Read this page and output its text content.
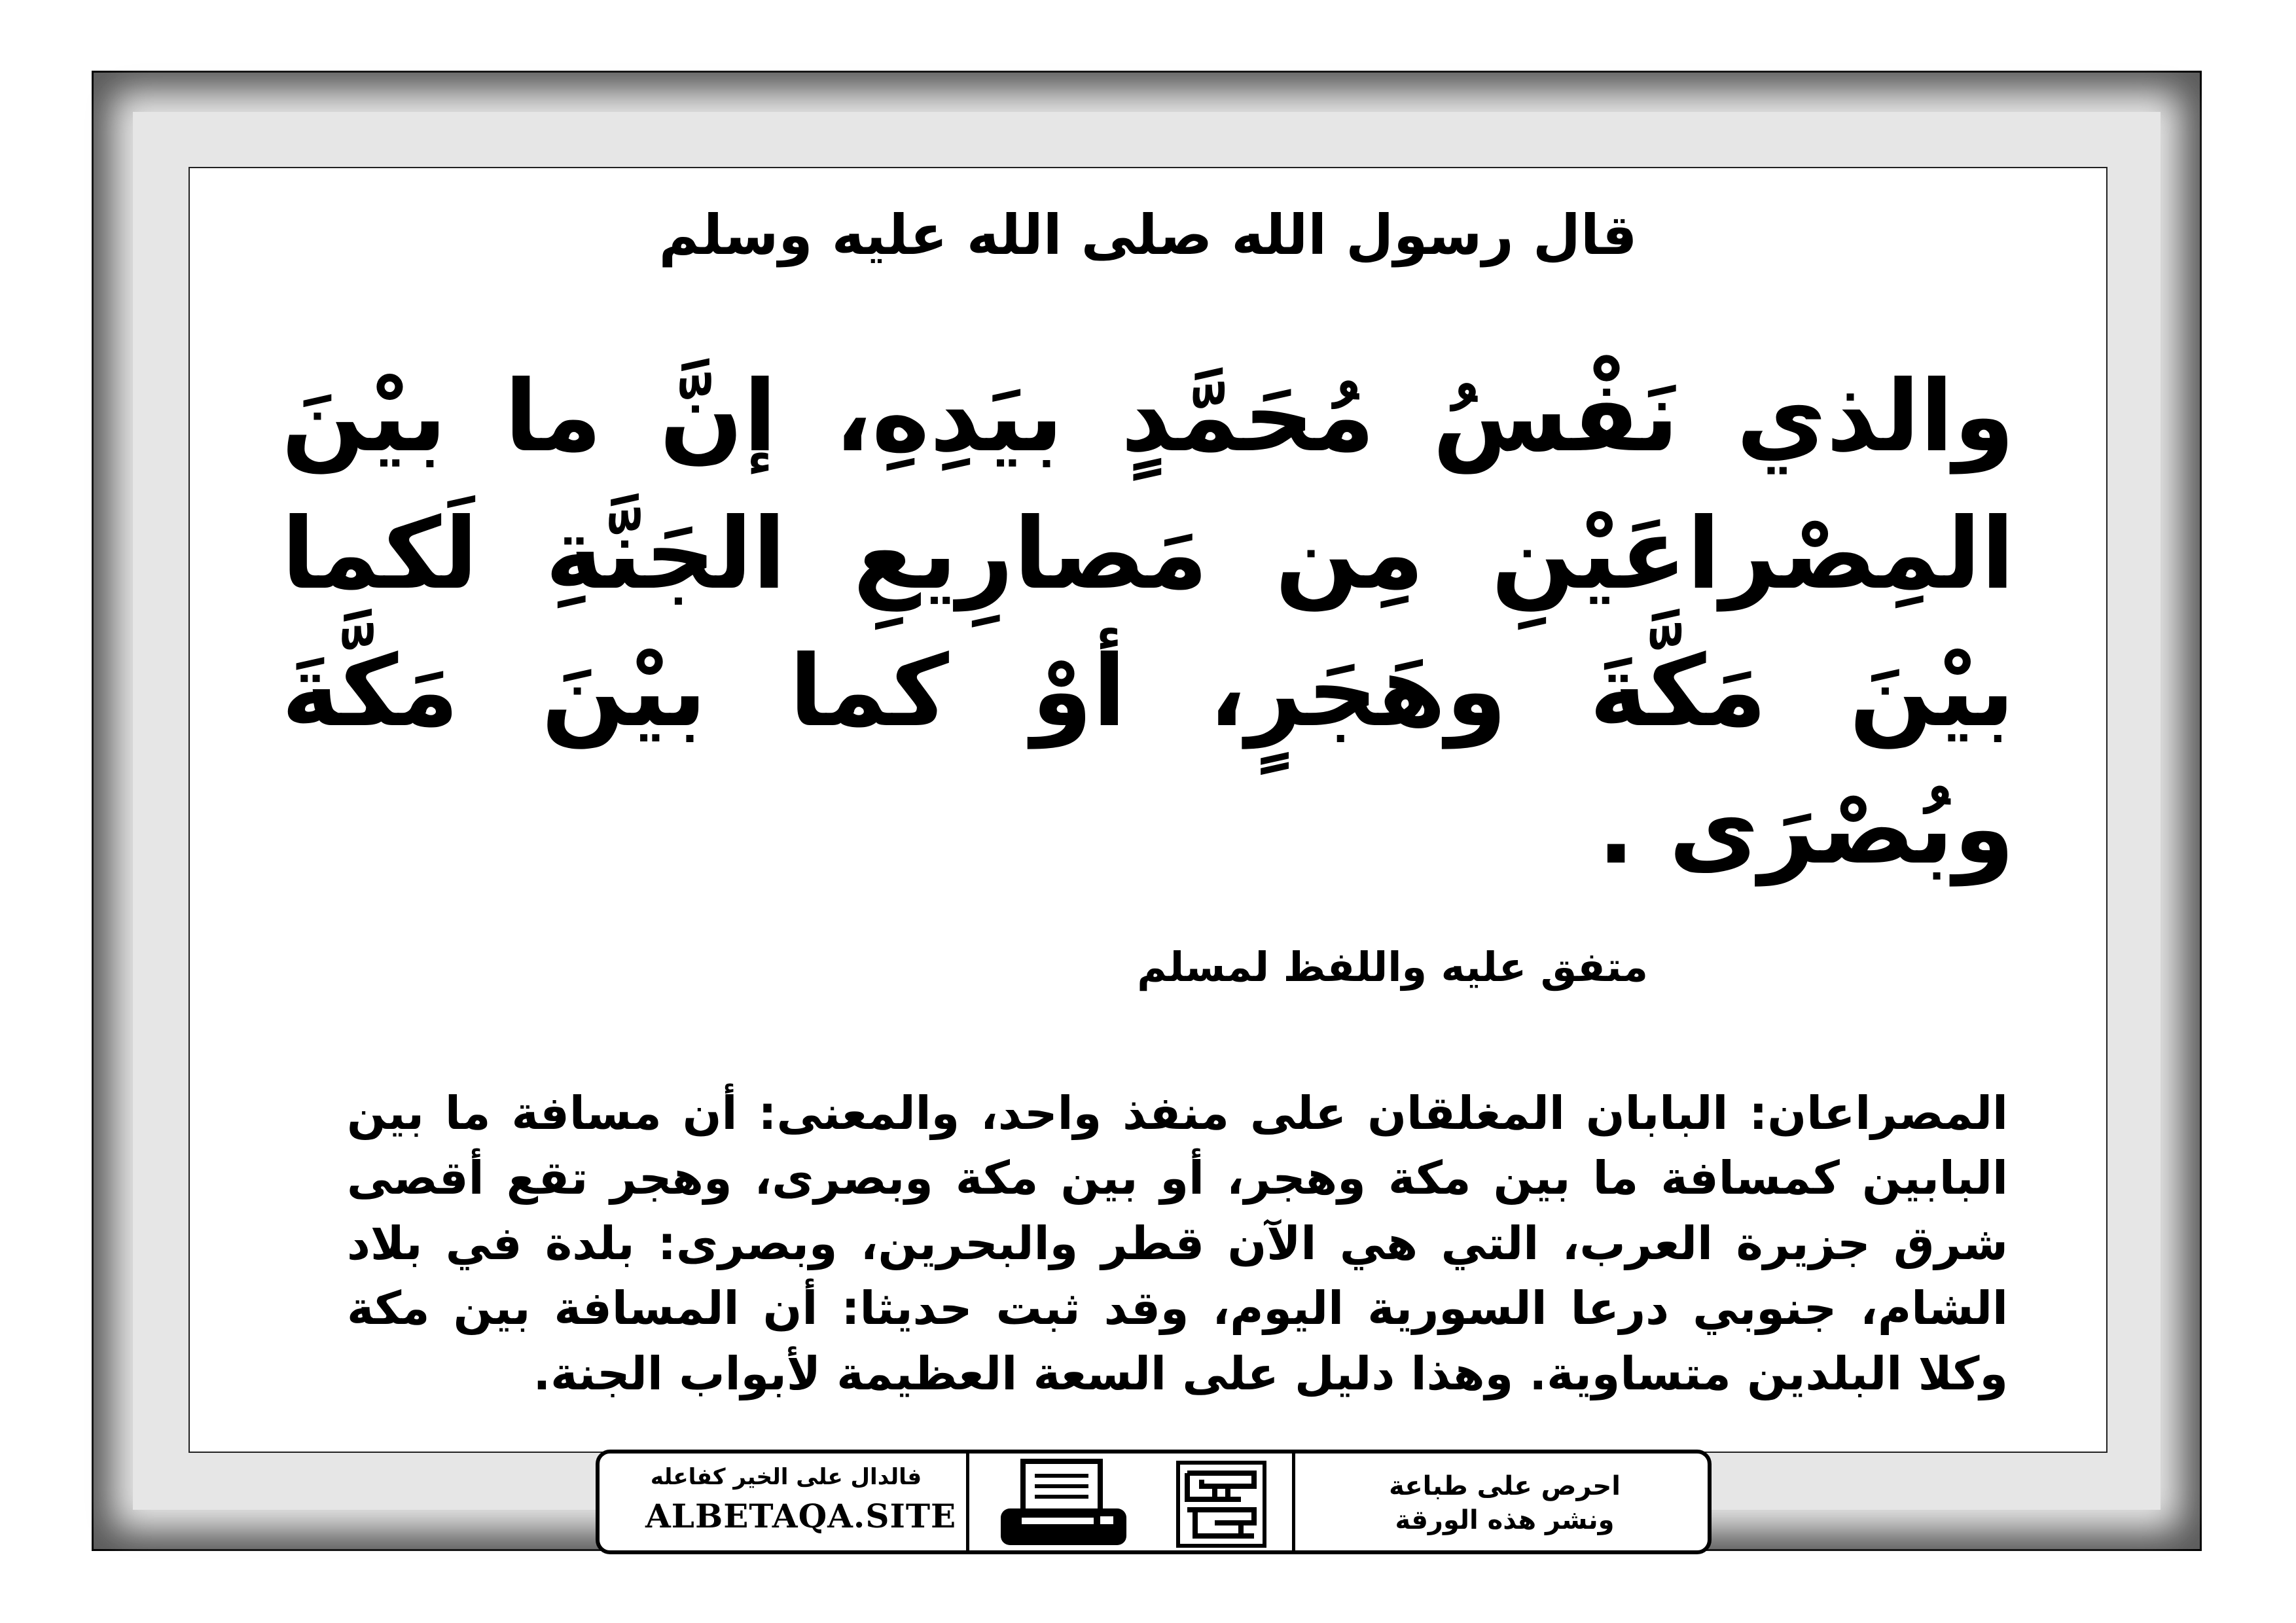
قال رسول الله صلى الله عليه وسلم
والذي نَفْسُ مُحَمَّدٍ بيَدِهِ، إنَّ ما بيْنَ المِصْراعَيْنِ مِن مَصارِيعِ الجَنَّةِ لَكما بيْنَ مَكَّةَ وهَجَرٍ، أوْ كما بيْنَ مَكَّةَ وبُصْرَى .
متفق عليه واللفظ لمسلم
المصراعان: البابان المغلقان على منفذ واحد، والمعنى: أن مسافة ما بين البابين كمسافة ما بين مكة وهجر، أو بين مكة وبصرى، وهجر تقع أقصى شرق جزيرة العرب، التي هي الآن قطر والبحرين، وبصرى: بلدة في بلاد الشام، جنوبي درعا السورية اليوم، وقد ثبت حديثا: أن المسافة بين مكة وكلا البلدين متساوية. وهذا دليل على السعة العظيمة لأبواب الجنة.
فالدال على الخير كفاعله
ALBETAQA.SITE
دعوة الورقة
احرص على طباعة
ونشر هذه الورقة
